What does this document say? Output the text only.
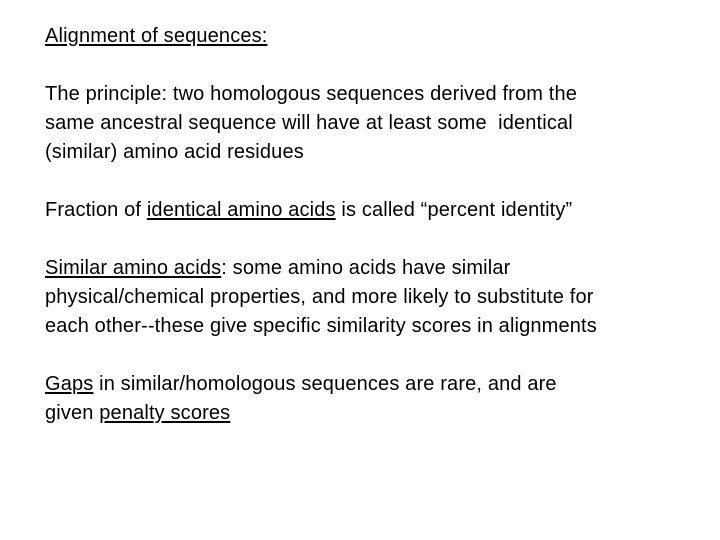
Alignment of sequences:
The principle: two homologous sequences derived from the
same ancestral sequence will have at least some  identical
(similar) amino acid residues
Fraction of identical amino acids is called “percent identity”
Similar amino acids: some amino acids have similar
physical/chemical properties, and more likely to substitute for
each other--these give specific similarity scores in alignments
Gaps in similar/homologous sequences are rare, and are
given penalty scores
